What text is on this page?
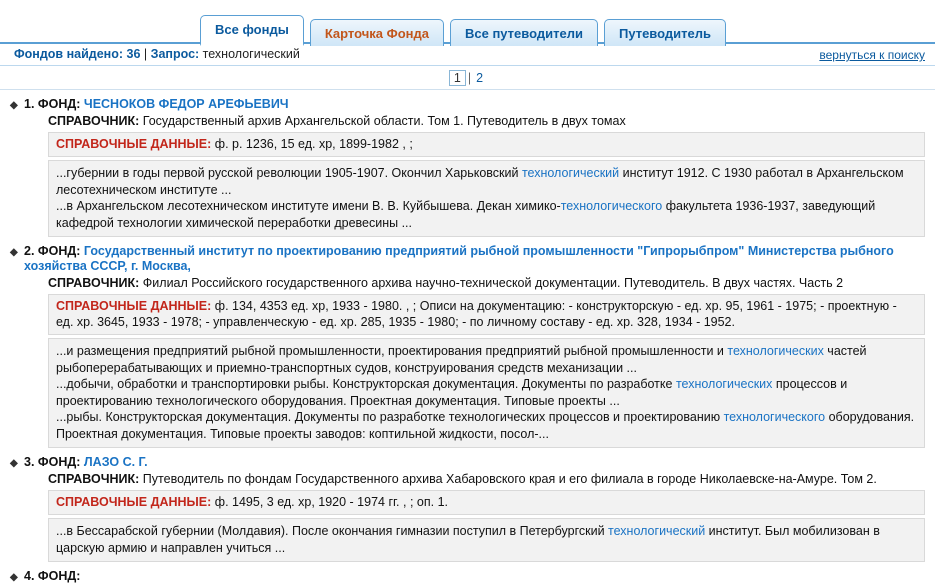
Все фонды	Карточка Фонда	Все путеводители	Путеводитель
Фондов найдено: 36 | Запрос: технологический	вернуться к поиску
1 | 2
◆ 1. ФОНД: ЧЕСНОКОВ ФЕДОР АРЕФЬЕВИЧ
СПРАВОЧНИК: Государственный архив Архангельской области. Том 1. Путеводитель в двух томах
СПРАВОЧНЫЕ ДАННЫЕ: ф. р. 1236, 15 ед. хр, 1899-1982 , ;
...губернии в годы первой русской революции 1905-1907. Окончил Харьковский технологический институт 1912. С 1930 работал в Архангельском лесотехническом институте ...
...в Архангельском лесотехническом институте имени В. В. Куйбышева. Декан химико-технологического факультета 1936-1937, заведующий кафедрой технологии химической переработки древесины ...
◆ 2. ФОНД: Государственный институт по проектированию предприятий рыбной промышленности "Гипрорыбпром" Министерства рыбного хозяйства СССР, г. Москва,
СПРАВОЧНИК: Филиал Российского государственного архива научно-технической документации. Путеводитель. В двух частях. Часть 2
СПРАВОЧНЫЕ ДАННЫЕ: ф. 134, 4353 ед. хр, 1933 - 1980. , ; Описи на документацию: - конструкторскую - ед. хр. 95, 1961 - 1975; - проектную - ед. хр. 3645, 1933 - 1978; - управленческую - ед. хр. 285, 1935 - 1980; - по личному составу - ед. хр. 328, 1934 - 1952.
...и размещения предприятий рыбной промышленности, проектирования предприятий рыбной промышленности и технологических частей рыбоперерабатывающих и приемно-транспортных судов, конструирования средств механизации ...
...добычи, обработки и транспортировки рыбы. Конструкторская документация. Документы по разработке технологических процессов и проектированию технологического оборудования. Проектная документация. Типовые проекты ...
...рыбы. Конструкторская документация. Документы по разработке технологических процессов и проектированию технологического оборудования. Проектная документация. Типовые проекты заводов: коптильной жидкости, посол-...
◆ 3. ФОНД: ЛАЗО С. Г.
СПРАВОЧНИК: Путеводитель по фондам Государственного архива Хабаровского края и его филиала в городе Николаевске-на-Амуре. Том 2.
СПРАВОЧНЫЕ ДАННЫЕ: ф. 1495, 3 ед. хр, 1920 - 1974 гг. , ; оп. 1.
...в Бессарабской губернии (Молдавия). После окончания гимназии поступил в Петербургский технологический институт. Был мобилизован в царскую армию и направлен учиться ...
◆ 4. ФОНД:
